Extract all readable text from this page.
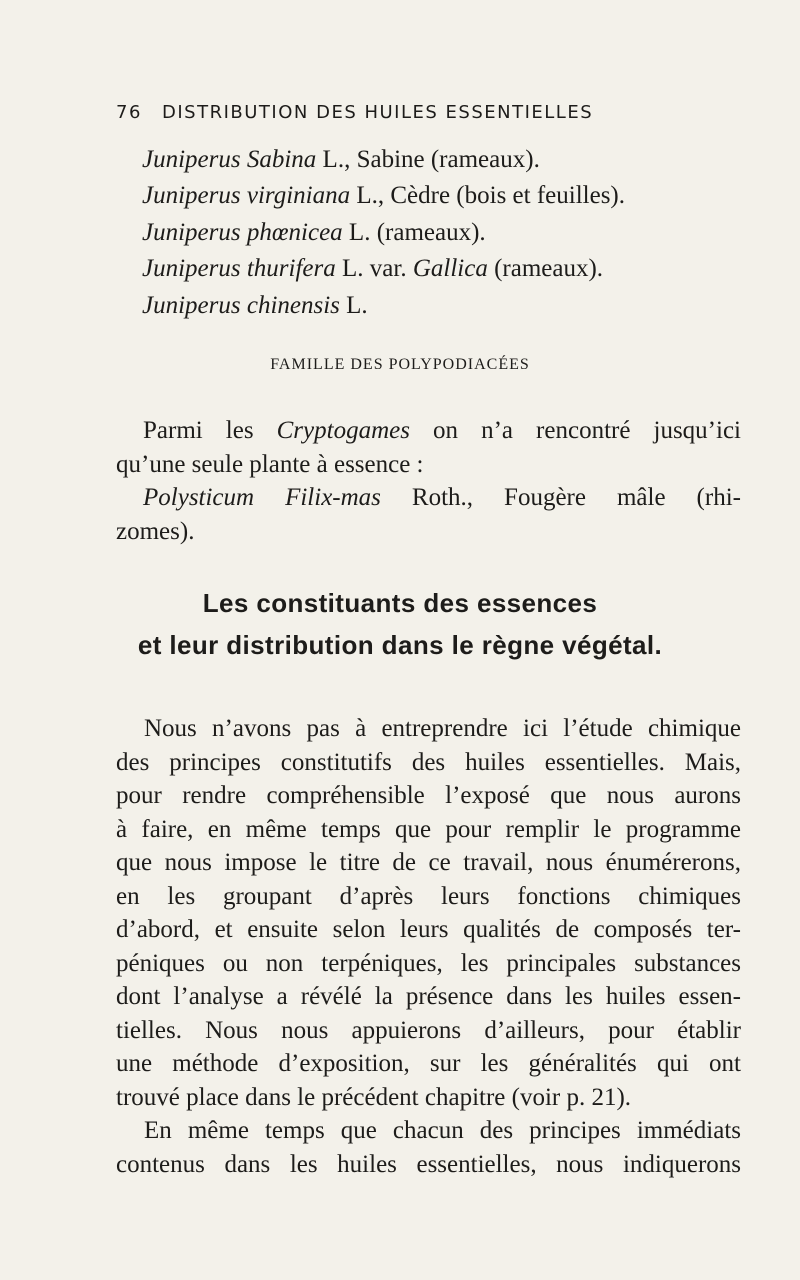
76 DISTRIBUTION DES HUILES ESSENTIELLES
Juniperus Sabina L., Sabine (rameaux).
Juniperus virginiana L., Cèdre (bois et feuilles).
Juniperus phœnicea L. (rameaux).
Juniperus thurifera L. var. Gallica (rameaux).
Juniperus chinensis L.
FAMILLE DES POLYPODIACÉES
Parmi les Cryptogames on n’a rencontré jusqu’ici
qu’une seule plante à essence :
Polysticum Filix-mas Roth., Fougère mâle (rhi-
zomes).
Les constituants des essences
et leur distribution dans le règne végétal.
Nous n’avons pas à entreprendre ici l’étude chimique
des principes constitutifs des huiles essentielles. Mais,
pour rendre compréhensible l’exposé que nous aurons
à faire, en même temps que pour remplir le programme
que nous impose le titre de ce travail, nous énumérerons,
en les groupant d’après leurs fonctions chimiques
d’abord, et ensuite selon leurs qualités de composés ter-
péniques ou non terpéniques, les principales substances
dont l’analyse a révélé la présence dans les huiles essen-
tielles. Nous nous appuierons d’ailleurs, pour établir
une méthode d’exposition, sur les généralités qui ont
trouvé place dans le précédent chapitre (voir p. 21).
En même temps que chacun des principes immédiats
contenus dans les huiles essentielles, nous indiquerons
